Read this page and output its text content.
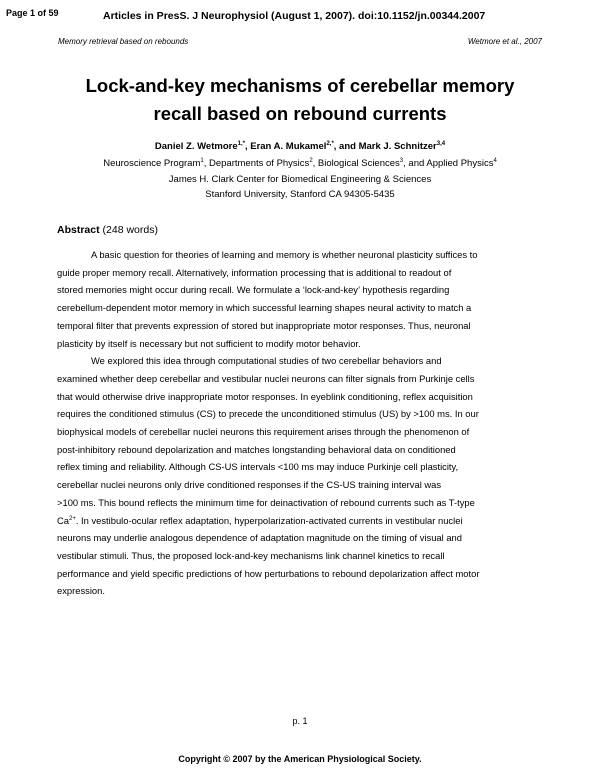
Page 1 of 59	Articles in PresS. J Neurophysiol (August 1, 2007). doi:10.1152/jn.00344.2007
Memory retrieval based on rebounds	Wetmore et al., 2007
Lock-and-key mechanisms of cerebellar memory
recall based on rebound currents
Daniel Z. Wetmore$^{1,*}$, Eran A. Mukamel$^{2,*}$, and Mark J. Schnitzer$^{3,4}$
Neuroscience Program$^1$, Departments of Physics$^2$, Biological Sciences$^3$, and Applied Physics$^4$
James H. Clark Center for Biomedical Engineering & Sciences
Stanford University, Stanford CA 94305-5435
Abstract (248 words)
A basic question for theories of learning and memory is whether neuronal plasticity suffices to
guide proper memory recall. Alternatively, information processing that is additional to readout of
stored memories might occur during recall. We formulate a ‘lock-and-key’ hypothesis regarding
cerebellum-dependent motor memory in which successful learning shapes neural activity to match a
temporal filter that prevents expression of stored but inappropriate motor responses. Thus, neuronal
plasticity by itself is necessary but not sufficient to modify motor behavior.
We explored this idea through computational studies of two cerebellar behaviors and
examined whether deep cerebellar and vestibular nuclei neurons can filter signals from Purkinje cells
that would otherwise drive inappropriate motor responses. In eyeblink conditioning, reflex acquisition
requires the conditioned stimulus (CS) to precede the unconditioned stimulus (US) by >100 ms. In our
biophysical models of cerebellar nuclei neurons this requirement arises through the phenomenon of
post-inhibitory rebound depolarization and matches longstanding behavioral data on conditioned
reflex timing and reliability. Although CS-US intervals <100 ms may induce Purkinje cell plasticity,
cerebellar nuclei neurons only drive conditioned responses if the CS-US training interval was
>100 ms. This bound reflects the minimum time for deinactivation of rebound currents such as T-type
$Ca^{2+}$. In vestibulo-ocular reflex adaptation, hyperpolarization-activated currents in vestibular nuclei
neurons may underlie analogous dependence of adaptation magnitude on the timing of visual and
vestibular stimuli. Thus, the proposed lock-and-key mechanisms link channel kinetics to recall
performance and yield specific predictions of how perturbations to rebound depolarization affect motor
expression.
p. 1
Copyright © 2007 by the American Physiological Society.
